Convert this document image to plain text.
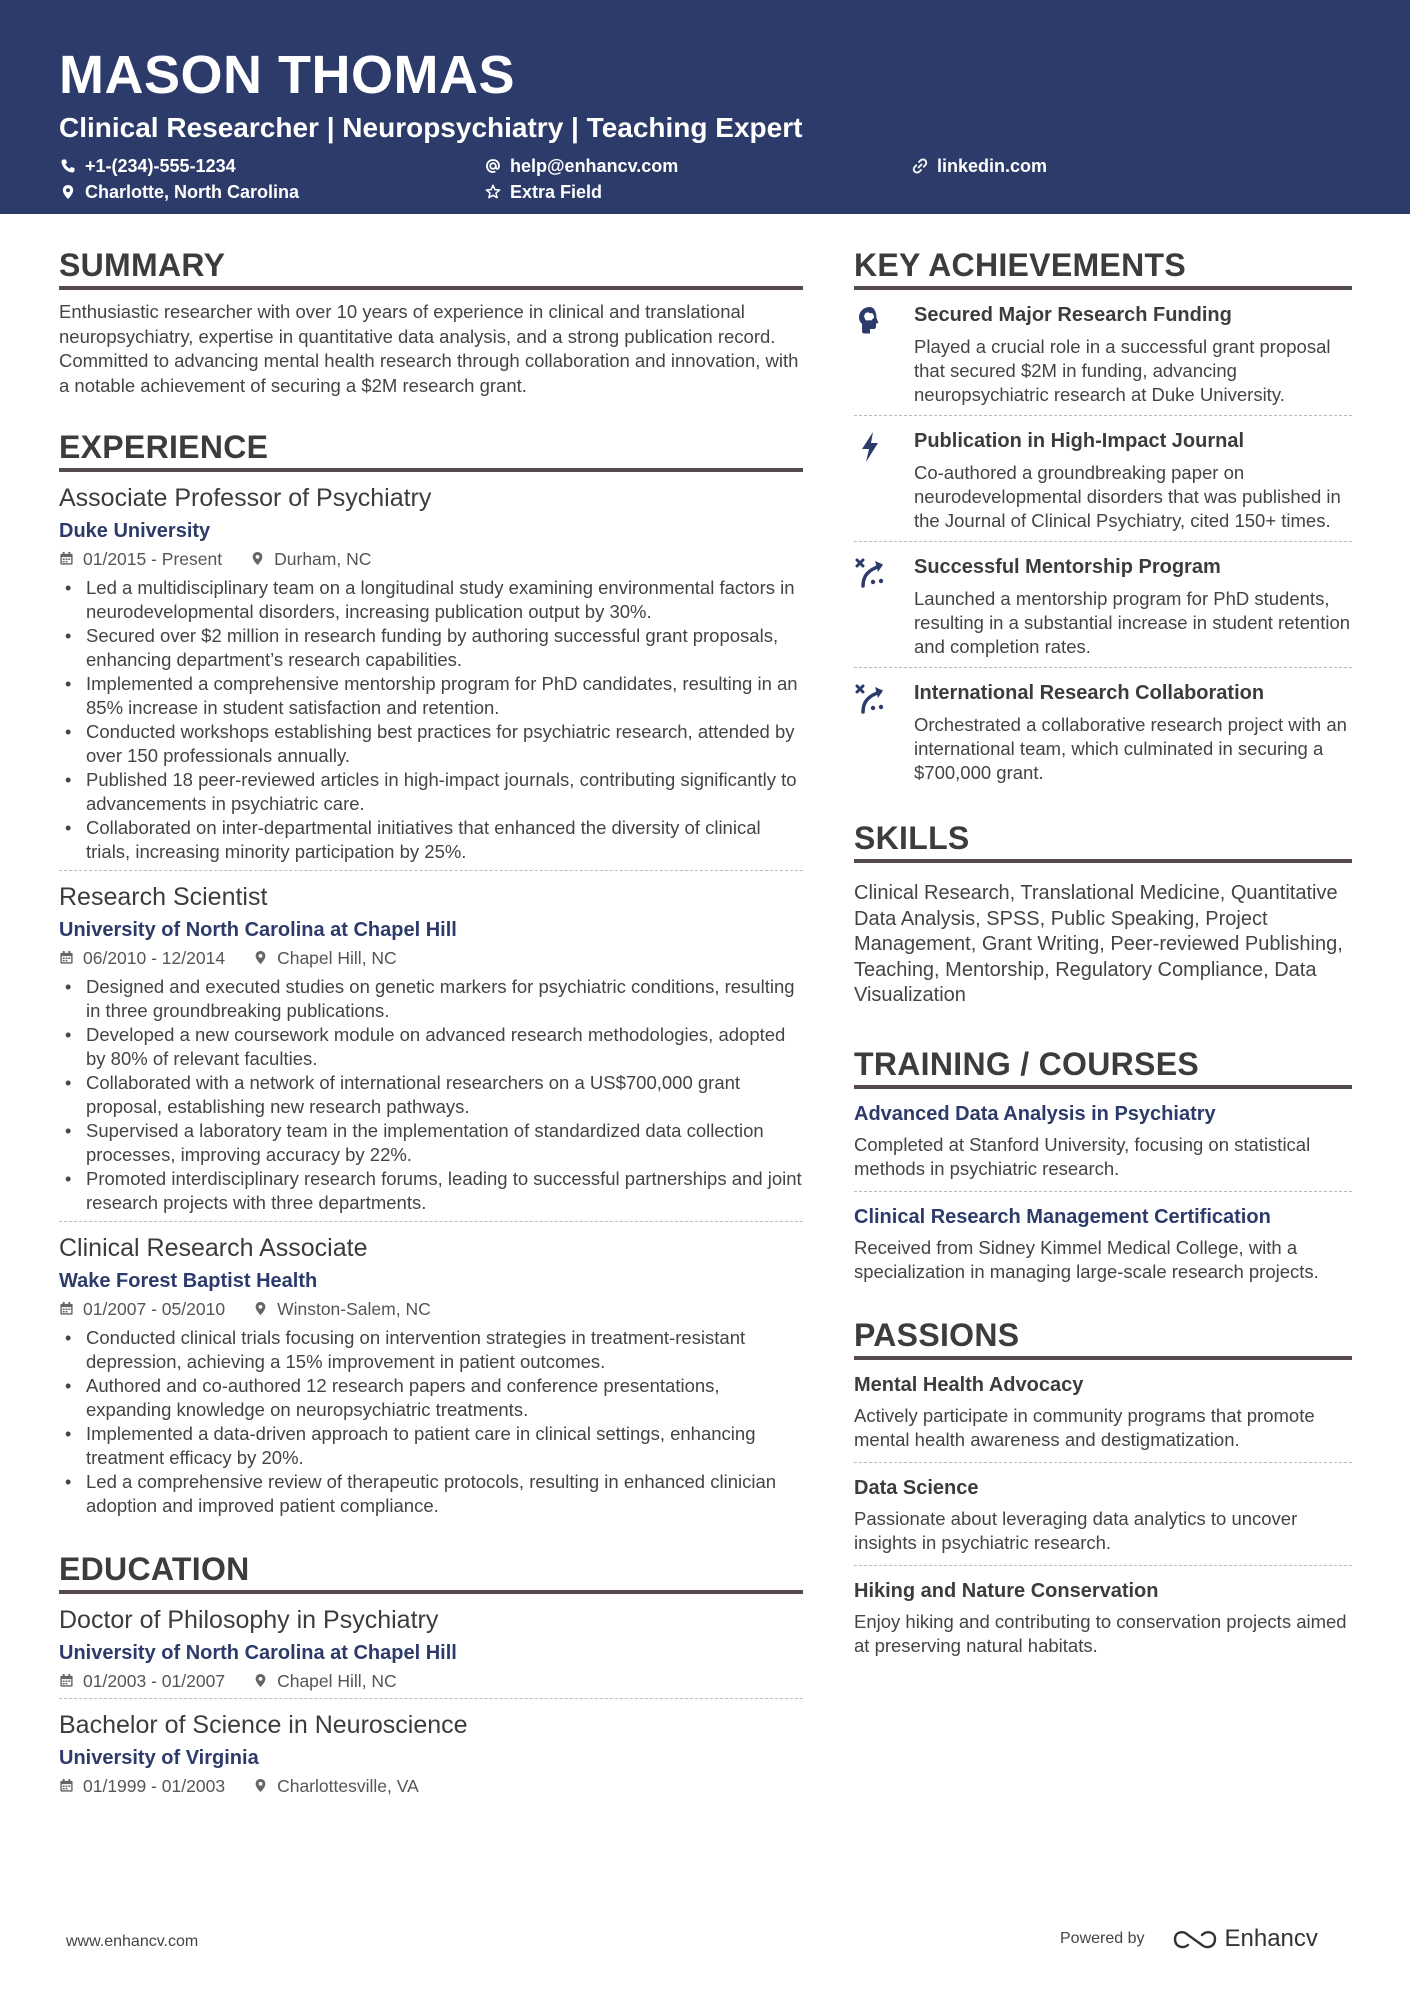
MASON THOMAS
Clinical Researcher | Neuropsychiatry | Teaching Expert
+1-(234)-555-1234	help@enhancv.com	linkedin.com
Charlotte, North Carolina	Extra Field
SUMMARY
Enthusiastic researcher with over 10 years of experience in clinical and translational neuropsychiatry, expertise in quantitative data analysis, and a strong publication record. Committed to advancing mental health research through collaboration and innovation, with a notable achievement of securing a $2M research grant.
EXPERIENCE
Associate Professor of Psychiatry
Duke University
01/2015 - Present	Durham, NC
• Led a multidisciplinary team on a longitudinal study examining environmental factors in neurodevelopmental disorders, increasing publication output by 30%.
• Secured over $2 million in research funding by authoring successful grant proposals, enhancing department’s research capabilities.
• Implemented a comprehensive mentorship program for PhD candidates, resulting in an 85% increase in student satisfaction and retention.
• Conducted workshops establishing best practices for psychiatric research, attended by over 150 professionals annually.
• Published 18 peer-reviewed articles in high-impact journals, contributing significantly to advancements in psychiatric care.
• Collaborated on inter-departmental initiatives that enhanced the diversity of clinical trials, increasing minority participation by 25%.
Research Scientist
University of North Carolina at Chapel Hill
06/2010 - 12/2014	Chapel Hill, NC
• Designed and executed studies on genetic markers for psychiatric conditions, resulting in three groundbreaking publications.
• Developed a new coursework module on advanced research methodologies, adopted by 80% of relevant faculties.
• Collaborated with a network of international researchers on a US$700,000 grant proposal, establishing new research pathways.
• Supervised a laboratory team in the implementation of standardized data collection processes, improving accuracy by 22%.
• Promoted interdisciplinary research forums, leading to successful partnerships and joint research projects with three departments.
Clinical Research Associate
Wake Forest Baptist Health
01/2007 - 05/2010	Winston-Salem, NC
• Conducted clinical trials focusing on intervention strategies in treatment-resistant depression, achieving a 15% improvement in patient outcomes.
• Authored and co-authored 12 research papers and conference presentations, expanding knowledge on neuropsychiatric treatments.
• Implemented a data-driven approach to patient care in clinical settings, enhancing treatment efficacy by 20%.
• Led a comprehensive review of therapeutic protocols, resulting in enhanced clinician adoption and improved patient compliance.
EDUCATION
Doctor of Philosophy in Psychiatry
University of North Carolina at Chapel Hill
01/2003 - 01/2007	Chapel Hill, NC
Bachelor of Science in Neuroscience
University of Virginia
01/1999 - 01/2003	Charlottesville, VA
KEY ACHIEVEMENTS
Secured Major Research Funding
Played a crucial role in a successful grant proposal that secured $2M in funding, advancing neuropsychiatric research at Duke University.
Publication in High-Impact Journal
Co-authored a groundbreaking paper on neurodevelopmental disorders that was published in the Journal of Clinical Psychiatry, cited 150+ times.
Successful Mentorship Program
Launched a mentorship program for PhD students, resulting in a substantial increase in student retention and completion rates.
International Research Collaboration
Orchestrated a collaborative research project with an international team, which culminated in securing a $700,000 grant.
SKILLS
Clinical Research, Translational Medicine, Quantitative Data Analysis, SPSS, Public Speaking, Project Management, Grant Writing, Peer-reviewed Publishing, Teaching, Mentorship, Regulatory Compliance, Data Visualization
TRAINING / COURSES
Advanced Data Analysis in Psychiatry
Completed at Stanford University, focusing on statistical methods in psychiatric research.
Clinical Research Management Certification
Received from Sidney Kimmel Medical College, with a specialization in managing large-scale research projects.
PASSIONS
Mental Health Advocacy
Actively participate in community programs that promote mental health awareness and destigmatization.
Data Science
Passionate about leveraging data analytics to uncover insights in psychiatric research.
Hiking and Nature Conservation
Enjoy hiking and contributing to conservation projects aimed at preserving natural habitats.
www.enhancv.com	Powered by	Enhancv
